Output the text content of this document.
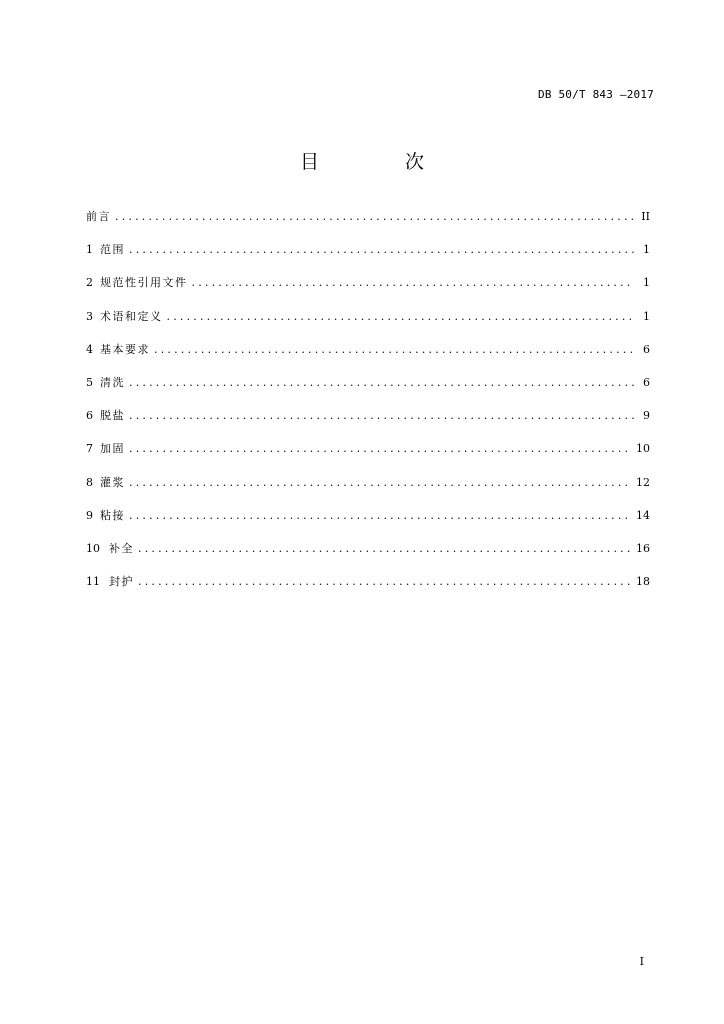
DB 50/T 843 —2017
目 次
前言 .....	II
1 范围 .....	1
2 规范性引用文件 .....	1
3 术语和定义 .....	1
4 基本要求 .....	6
5 清洗 .....	6
6 脱盐 .....	9
7 加固 .....	10
8 灌浆 .....	12
9 粘接 .....	14
10 补全 .....	16
11 封护 .....	18
I
